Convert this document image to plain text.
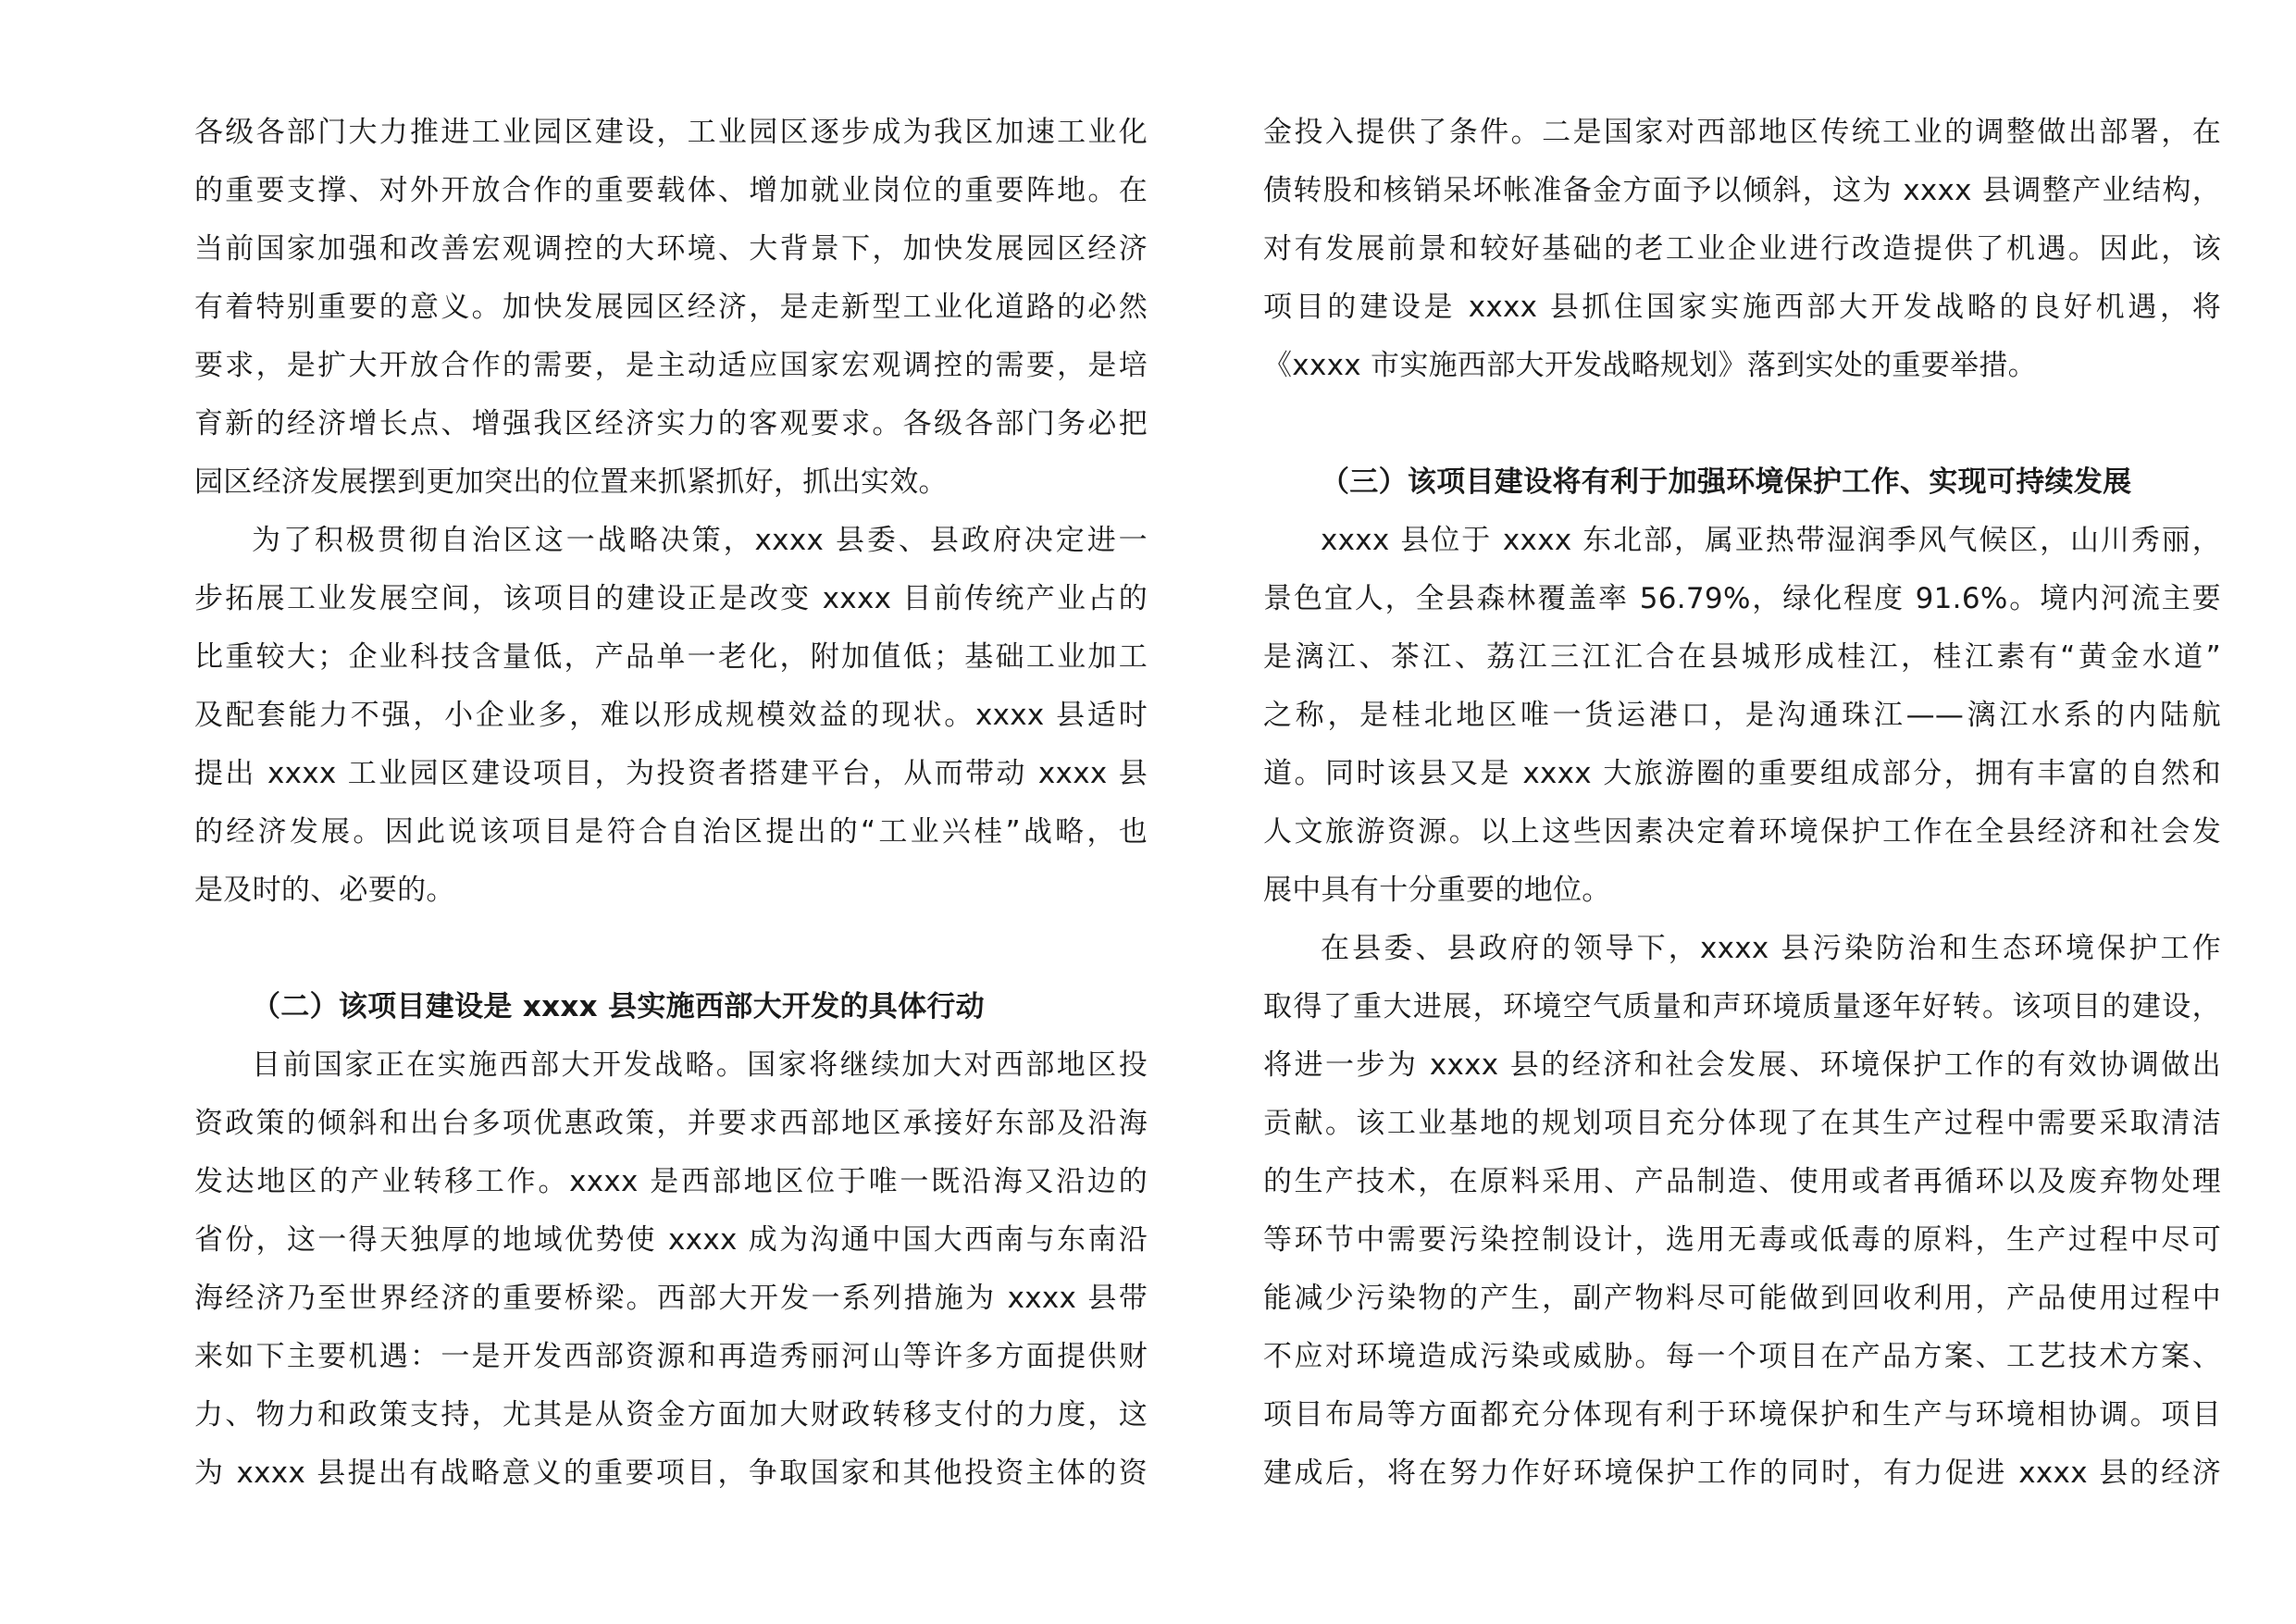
各级各部门大力推进工业园区建设，工业园区逐步成为我区加速工业化
的重要支撑、对外开放合作的重要载体、增加就业岗位的重要阵地。在
当前国家加强和改善宏观调控的大环境、大背景下，加快发展园区经济
有着特别重要的意义。加快发展园区经济，是走新型工业化道路的必然
要求，是扩大开放合作的需要，是主动适应国家宏观调控的需要，是培
育新的经济增长点、增强我区经济实力的客观要求。各级各部门务必把
园区经济发展摆到更加突出的位置来抓紧抓好，抓出实效。
为了积极贯彻自治区这一战略决策，xxxx 县委、县政府决定进一
步拓展工业发展空间，该项目的建设正是改变 xxxx 目前传统产业占的
比重较大；企业科技含量低，产品单一老化，附加值低；基础工业加工
及配套能力不强，小企业多，难以形成规模效益的现状。xxxx 县适时
提出 xxxx 工业园区建设项目，为投资者搭建平台，从而带动 xxxx 县
的经济发展。因此说该项目是符合自治区提出的“工业兴桂”战略，也
是及时的、必要的。
（二）该项目建设是 xxxx 县实施西部大开发的具体行动
目前国家正在实施西部大开发战略。国家将继续加大对西部地区投
资政策的倾斜和出台多项优惠政策，并要求西部地区承接好东部及沿海
发达地区的产业转移工作。xxxx 是西部地区位于唯一既沿海又沿边的
省份，这一得天独厚的地域优势使 xxxx 成为沟通中国大西南与东南沿
海经济乃至世界经济的重要桥梁。西部大开发一系列措施为 xxxx 县带
来如下主要机遇：一是开发西部资源和再造秀丽河山等许多方面提供财
力、物力和政策支持，尤其是从资金方面加大财政转移支付的力度，这
为 xxxx 县提出有战略意义的重要项目，争取国家和其他投资主体的资
金投入提供了条件。二是国家对西部地区传统工业的调整做出部署，在
债转股和核销呆坏帐准备金方面予以倾斜，这为 xxxx 县调整产业结构，
对有发展前景和较好基础的老工业企业进行改造提供了机遇。因此，该
项目的建设是 xxxx 县抓住国家实施西部大开发战略的良好机遇，将
《xxxx 市实施西部大开发战略规划》落到实处的重要举措。
（三）该项目建设将有利于加强环境保护工作、实现可持续发展
xxxx 县位于 xxxx 东北部，属亚热带湿润季风气候区，山川秀丽，
景色宜人，全县森林覆盖率 56.79%，绿化程度 91.6%。境内河流主要
是漓江、茶江、荔江三江汇合在县城形成桂江，桂江素有“黄金水道”
之称，是桂北地区唯一货运港口，是沟通珠江——漓江水系的内陆航
道。同时该县又是 xxxx 大旅游圈的重要组成部分，拥有丰富的自然和
人文旅游资源。以上这些因素决定着环境保护工作在全县经济和社会发
展中具有十分重要的地位。
在县委、县政府的领导下，xxxx 县污染防治和生态环境保护工作
取得了重大进展，环境空气质量和声环境质量逐年好转。该项目的建设，
将进一步为 xxxx 县的经济和社会发展、环境保护工作的有效协调做出
贡献。该工业基地的规划项目充分体现了在其生产过程中需要采取清洁
的生产技术，在原料采用、产品制造、使用或者再循环以及废弃物处理
等环节中需要污染控制设计，选用无毒或低毒的原料，生产过程中尽可
能减少污染物的产生，副产物料尽可能做到回收利用，产品使用过程中
不应对环境造成污染或威胁。每一个项目在产品方案、工艺技术方案、
项目布局等方面都充分体现有利于环境保护和生产与环境相协调。项目
建成后，将在努力作好环境保护工作的同时，有力促进 xxxx 县的经济
